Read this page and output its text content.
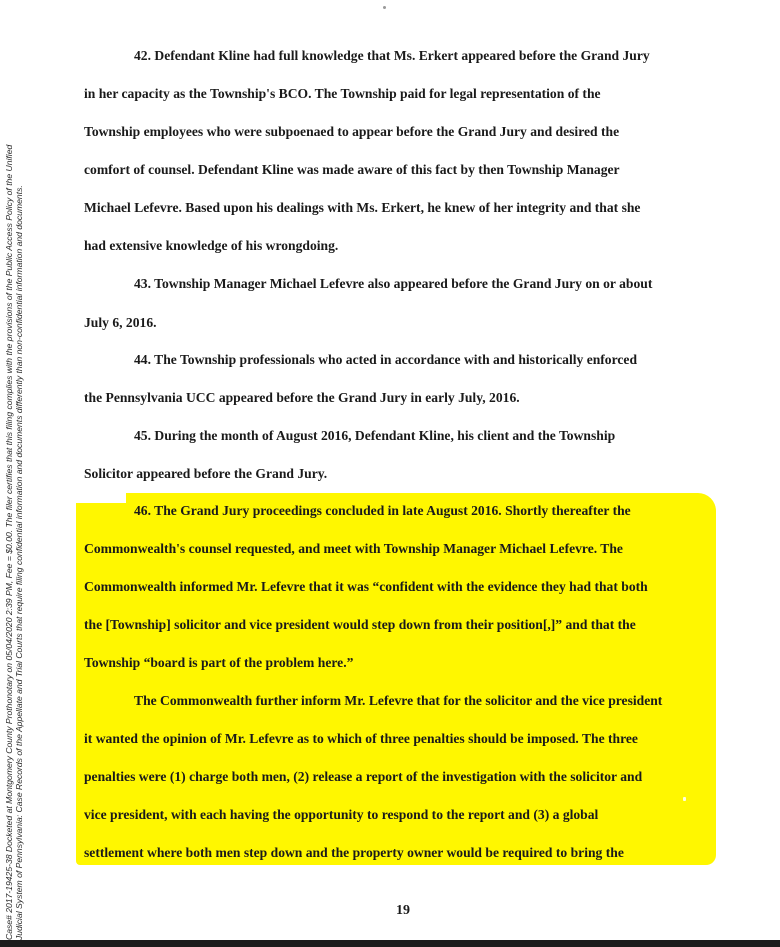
Case# 2017-19425-38 Docketed at Montgomery County Prothonotary on 05/04/2020 2:39 PM, Fee = $0.00. The filer certifies that this filing complies with the provisions of the Public Access Policy of the Unified Judicial System of Pennsylvania: Case Records of the Appellate and Trial Courts that require filing confidential information and documents differently than non-confidential information and documents.
42. Defendant Kline had full knowledge that Ms. Erkert appeared before the Grand Jury
in her capacity as the Township's BCO. The Township paid for legal representation of the
Township employees who were subpoenaed to appear before the Grand Jury and desired the
comfort of counsel. Defendant Kline was made aware of this fact by then Township Manager
Michael Lefevre. Based upon his dealings with Ms. Erkert, he knew of her integrity and that she
had extensive knowledge of his wrongdoing.
43. Township Manager Michael Lefevre also appeared before the Grand Jury on or about
July 6, 2016.
44. The Township professionals who acted in accordance with and historically enforced
the Pennsylvania UCC appeared before the Grand Jury in early July, 2016.
45. During the month of August 2016, Defendant Kline, his client and the Township
Solicitor appeared before the Grand Jury.
46. The Grand Jury proceedings concluded in late August 2016. Shortly thereafter the
Commonwealth's counsel requested, and meet with Township Manager Michael Lefevre. The
Commonwealth informed Mr. Lefevre that it was “confident with the evidence they had that both
the [Township] solicitor and vice president would step down from their position[,]” and that the
Township “board is part of the problem here.”
The Commonwealth further inform Mr. Lefevre that for the solicitor and the vice president
it wanted the opinion of Mr. Lefevre as to which of three penalties should be imposed. The three
penalties were (1) charge both men, (2) release a report of the investigation with the solicitor and
vice president, with each having the opportunity to respond to the report and (3) a global
settlement where both men step down and the property owner would be required to bring the
19
